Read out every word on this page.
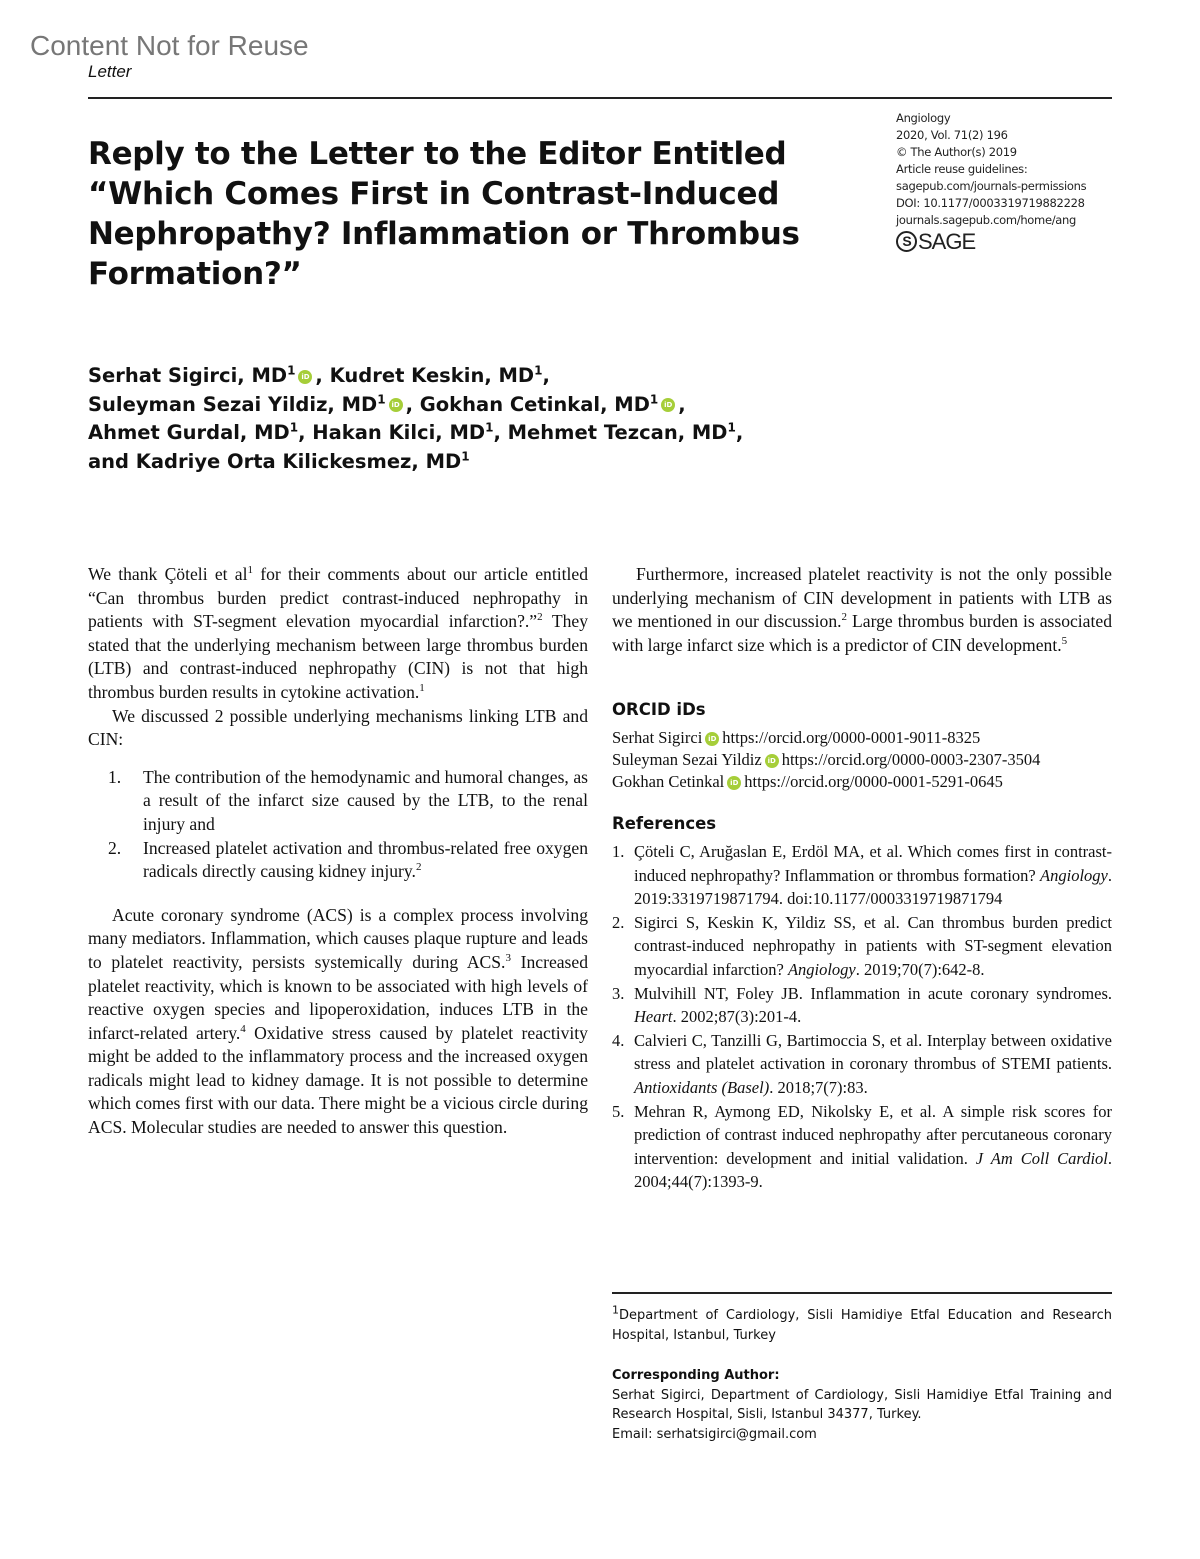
Content Not for Reuse
Letter
Angiology
2020, Vol. 71(2) 196
© The Author(s) 2019
Article reuse guidelines:
sagepub.com/journals-permissions
DOI: 10.1177/0003319719882228
journals.sagepub.com/home/ang
S SAGE
Reply to the Letter to the Editor Entitled “Which Comes First in Contrast-Induced Nephropathy? Inflammation or Thrombus Formation?”
Serhat Sigirci, $MD^1$ iD , Kudret Keskin, $MD^1$,
Suleyman Sezai Yildiz, $MD^1$ iD , Gokhan Cetinkal, $MD^1$ iD ,
Ahmet Gurdal, $MD^1$, Hakan Kilci, $MD^1$, Mehmet Tezcan, $MD^1$,
and Kadriye Orta Kilickesmez, $MD^1$

We thank Çöteli et $al^1$ for their comments about our article entitled “Can thrombus burden predict contrast-induced nephropathy in patients with ST-segment elevation myocardial infarction?.”$^2$ They stated that the underlying mechanism between large thrombus burden (LTB) and contrast-induced nephropathy (CIN) is not that high thrombus burden results in cytokine activation.$^1$

We discussed 2 possible underlying mechanisms linking LTB and CIN:

1.	The contribution of the hemodynamic and humoral changes, as a result of the infarct size caused by the LTB, to the renal injury and
2.	Increased platelet activation and thrombus-related free oxygen radicals directly causing kidney injury.$^2$

Acute coronary syndrome (ACS) is a complex process involving many mediators. Inflammation, which causes plaque rupture and leads to platelet reactivity, persists systemically during ACS.$^3$ Increased platelet reactivity, which is known to be associated with high levels of reactive oxygen species and lipoperoxidation, induces LTB in the infarct-related artery.$^4$ Oxidative stress caused by platelet reactivity might be added to the inflammatory process and the increased oxygen radicals might lead to kidney damage. It is not possible to determine which comes first with our data. There might be a vicious circle during ACS. Molecular studies are needed to answer this question.

Furthermore, increased platelet reactivity is not the only possible underlying mechanism of CIN development in patients with LTB as we mentioned in our discussion.$^2$ Large thrombus burden is associated with large infarct size which is a predictor of CIN development.$^5$

ORCID iDs
Serhat Sigirci iD https://orcid.org/0000-0001-9011-8325
Suleyman Sezai Yildiz iD https://orcid.org/0000-0003-2307-3504
Gokhan Cetinkal iD https://orcid.org/0000-0001-5291-0645
References
1. Çöteli C, Aruğaslan E, Erdöl MA, et al. Which comes first in contrast-induced nephropathy? Inflammation or thrombus formation? Angiology. 2019:3319719871794. doi:10.1177/0003319719871794
2. Sigirci S, Keskin K, Yildiz SS, et al. Can thrombus burden predict contrast-induced nephropathy in patients with ST-segment elevation myocardial infarction? Angiology. 2019;70(7):642-8.
3. Mulvihill NT, Foley JB. Inflammation in acute coronary syndromes. Heart. 2002;87(3):201-4.
4. Calvieri C, Tanzilli G, Bartimoccia S, et al. Interplay between oxidative stress and platelet activation in coronary thrombus of STEMI patients. Antioxidants (Basel). 2018;7(7):83.
5. Mehran R, Aymong ED, Nikolsky E, et al. A simple risk scores for prediction of contrast induced nephropathy after percutaneous coronary intervention: development and initial validation. J Am Coll Cardiol. 2004;44(7):1393-9.
$^1$Department of Cardiology, Sisli Hamidiye Etfal Education and Research Hospital, Istanbul, Turkey
Corresponding Author:
Serhat Sigirci, Department of Cardiology, Sisli Hamidiye Etfal Training and Research Hospital, Sisli, Istanbul 34377, Turkey.
Email: serhatsigirci@gmail.com
